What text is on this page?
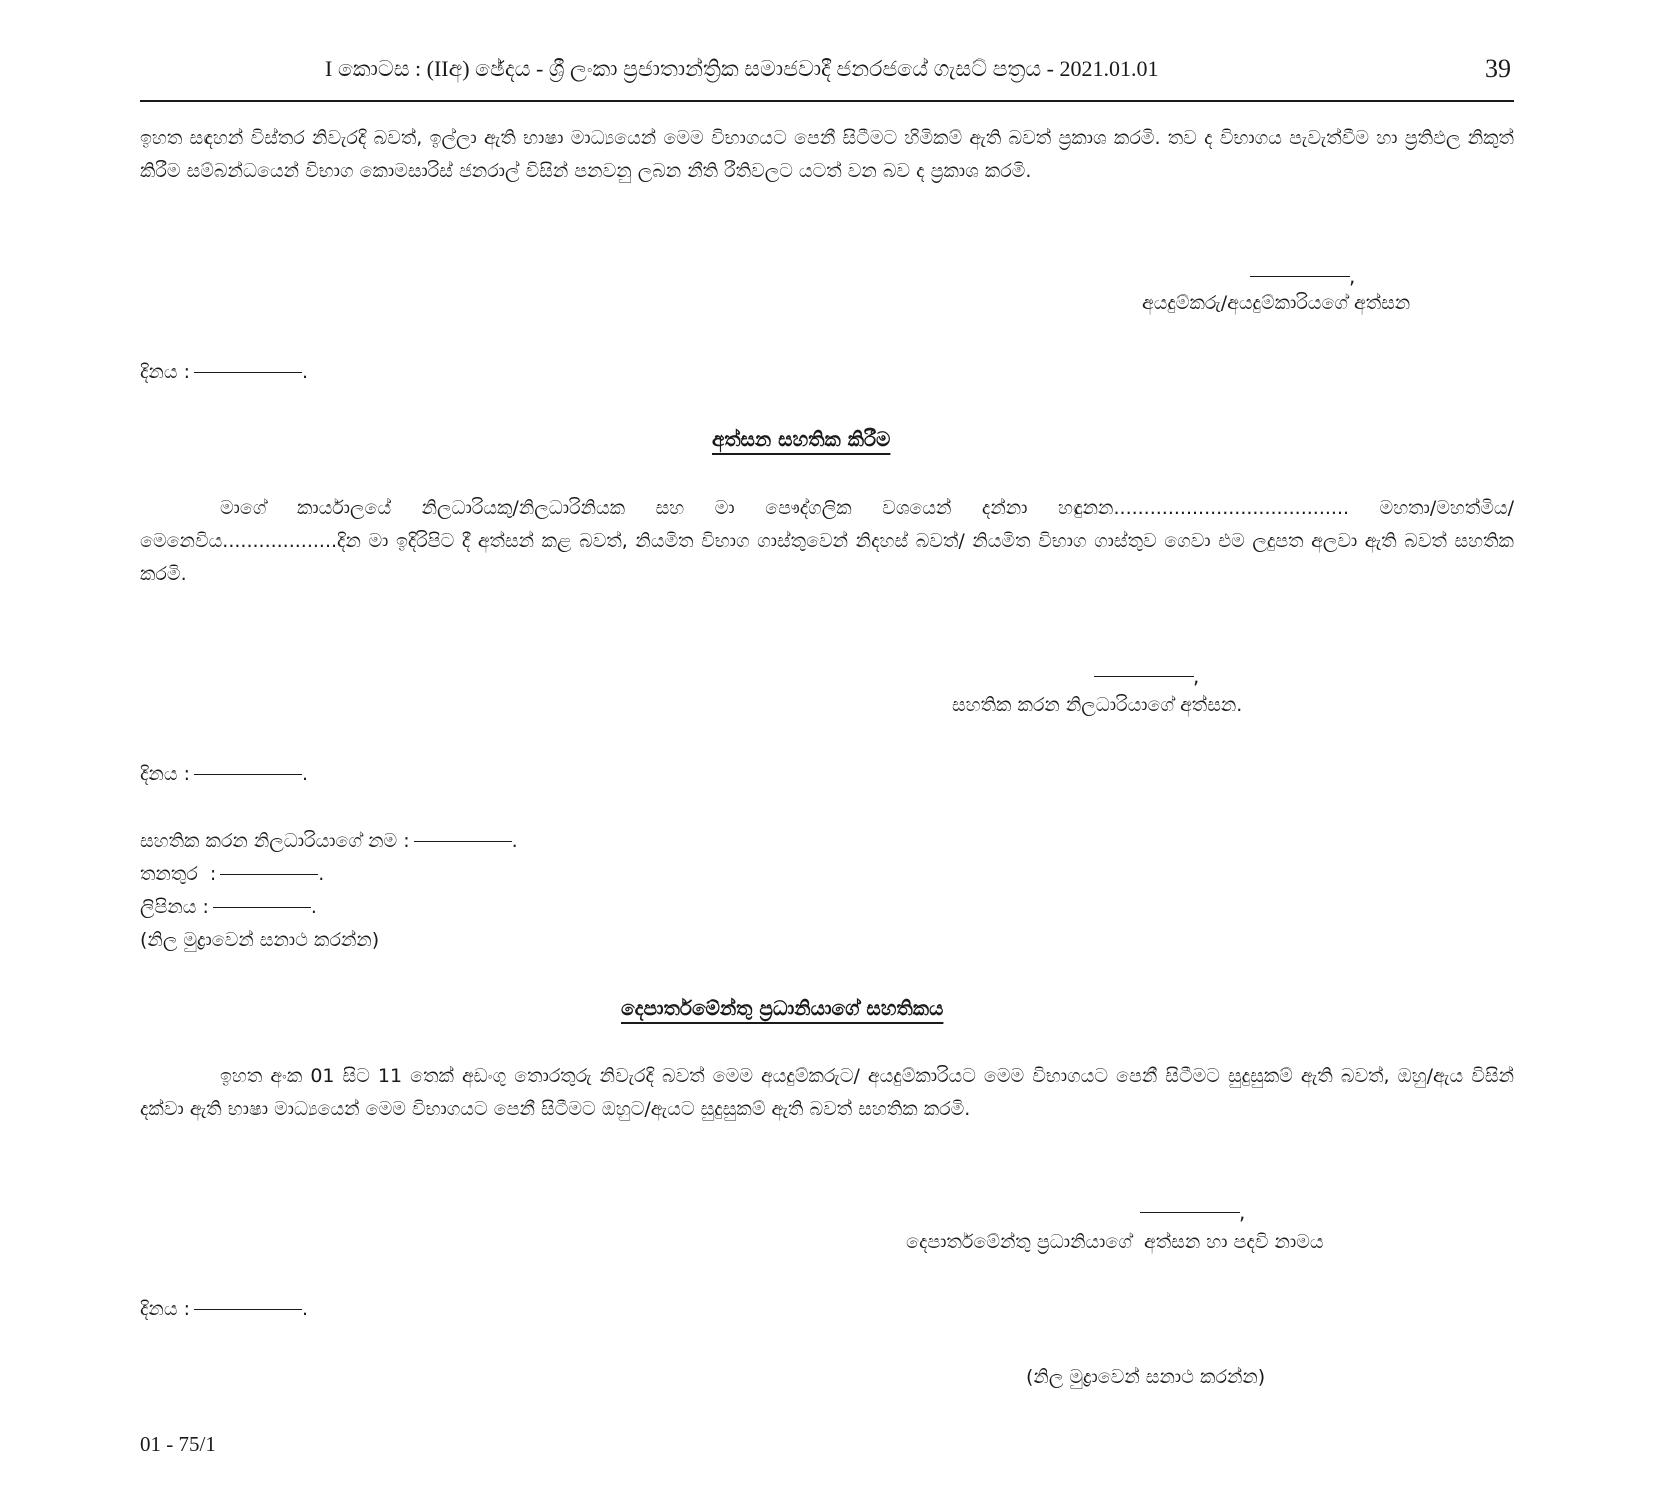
I කොටස : (IIඅ) ඡේදය - ශ්‍රී ලංකා ප්‍රජාතාන්ත්‍රික සමාජවාදී ජනරජයේ ගැසට් පත්‍රය - 2021.01.01	39
ඉහත සඳහන් විස්තර නිවැරදි බවත්, ඉල්ලා ඇති භාෂා මාධ්‍යයෙන් මෙම විභාගයට පෙනී සිටීමට හිමිකම් ඇති බවත් ප්‍රකාශ කරමි. තව ද විභාගය පැවැත්වීම හා ප්‍රතිඵල නිකුත් කිරීම සම්බන්ධයෙන් විභාග කොමසාරිස් ජනරාල් විසින් පනවනු ලබන නීති රීතිවලට යටත් වන බව ද ප්‍රකාශ කරමි.
,
අයදුම්කරු/අයදුම්කාරියගේ අත්සන
දිනය :	.
අත්සන සහතික කිරීම
මාගේ කාර්යාලයේ නිලධාරියකු/නිලධාරිනියක සහ මා පෞද්ගලික වශයෙන් දන්නා හඳුනන....................................... මහතා/මහත්මිය/මෙනෙවිය...................දින මා ඉදිරිපිට දී අත්සන් කළ බවත්, නියමිත විභාග ගාස්තුවෙන් නිදහස් බවත්/ නියමිත විභාග ගාස්තුව ගෙවා එම ලදුපත අලවා ඇති බවත් සහතික කරමි.
,
සහතික කරන නිලධාරියාගේ අත්සන.
දිනය :	.
සහතික කරන නිලධාරියාගේ නම :	.
තනතුර  :	.
ලිපිනය :	.
(නිල මුද්‍රාවෙන් සනාථ කරන්න)
දෙපාර්තමේන්තු ප්‍රධානියාගේ සහතිකය
ඉහත අංක 01 සිට 11 තෙක් අඩංගු තොරතුරු නිවැරදි බවත් මෙම අයදුම්කරුට/ අයදුම්කාරියට මෙම විභාගයට පෙනී සිටීමට සුදුසුකම් ඇති බවත්, ඔහු/ඇය විසින් දක්වා ඇති භාෂා මාධ්‍යයෙන් මෙම විභාගයට පෙනී සිටීමට ඔහුට/ඇයට සුදුසුකම් ඇති බවත් සහතික කරමි.
,
දෙපාර්තමේන්තු ප්‍රධානියාගේ  අත්සන හා පදවි නාමය
දිනය :	.
(නිල මුද්‍රාවෙන් සනාථ කරන්න)
01 - 75/1
